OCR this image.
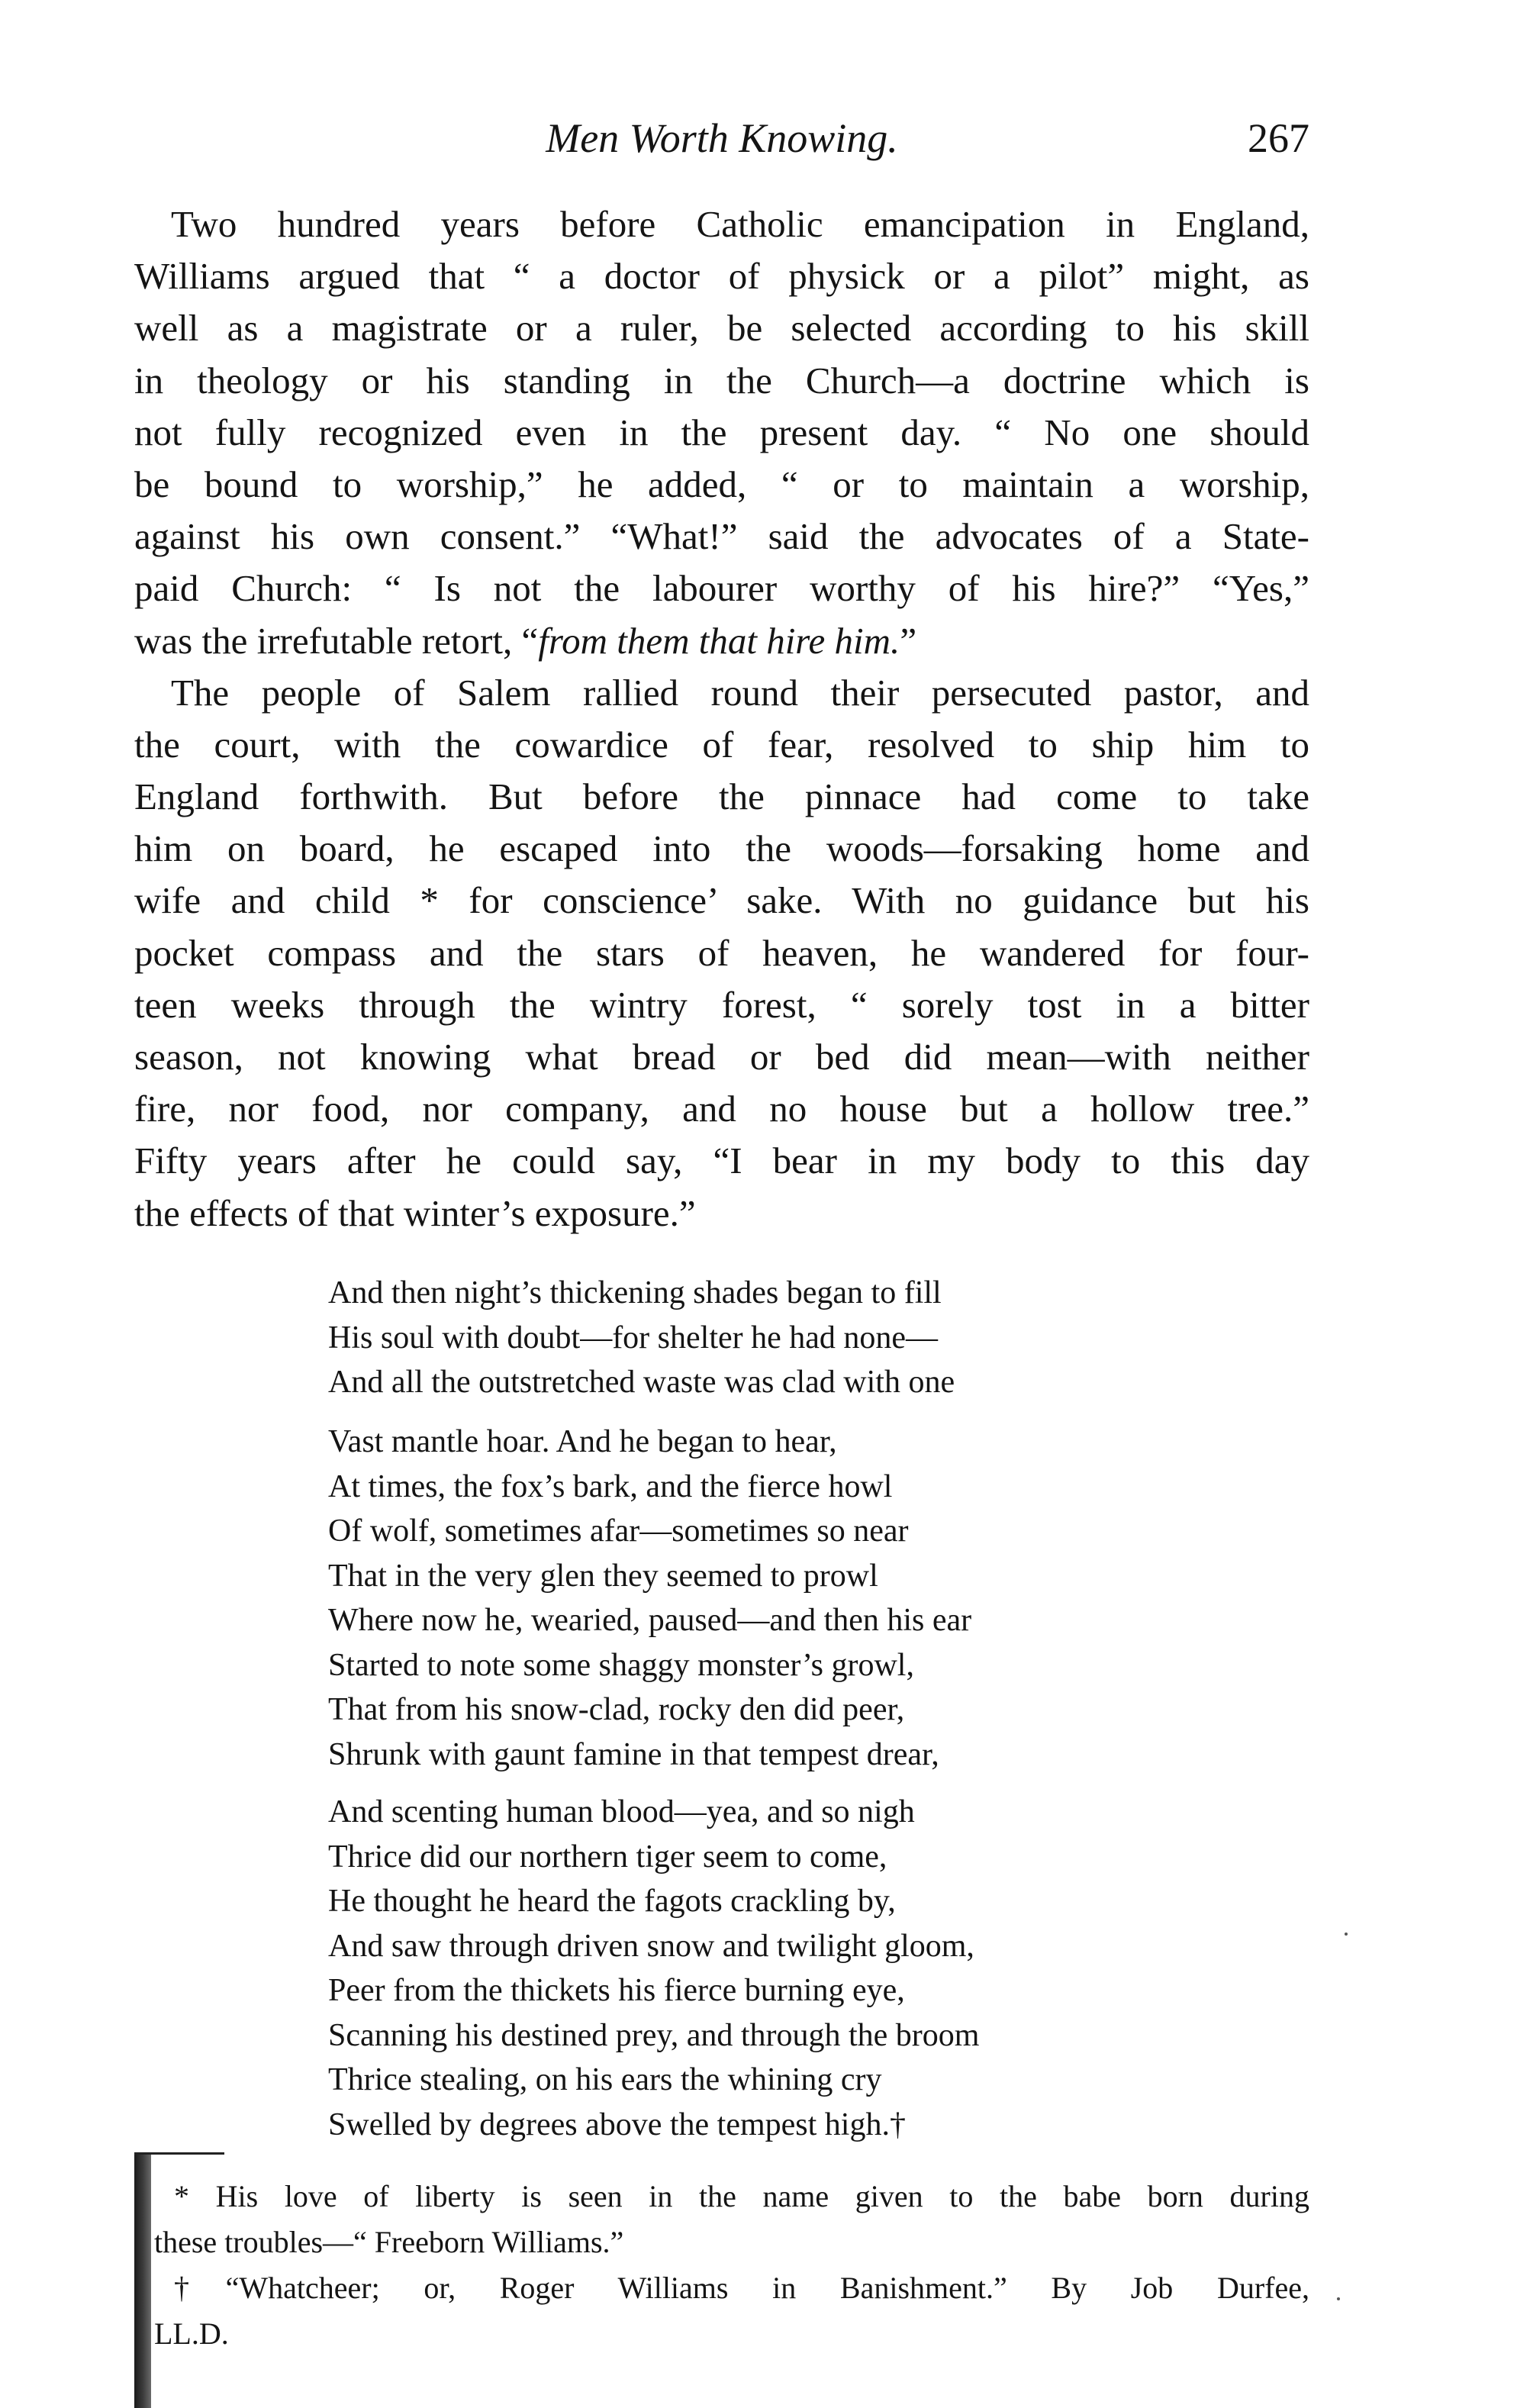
Men Worth Knowing.	267
Two hundred years before Catholic emancipation in England,
Williams argued that “ a doctor of physick or a pilot” might, as
well as a magistrate or a ruler, be selected according to his skill
in theology or his standing in the Church—a doctrine which is
not fully recognized even in the present day. “ No one should
be bound to worship,” he added, “ or to maintain a worship,
against his own consent.” “What!” said the advocates of a State-
paid Church: “ Is not the labourer worthy of his hire?” “Yes,”
was the irrefutable retort, “from them that hire him.”
The people of Salem rallied round their persecuted pastor, and
the court, with the cowardice of fear, resolved to ship him to
England forthwith. But before the pinnace had come to take
him on board, he escaped into the woods—forsaking home and
wife and child * for conscience’ sake. With no guidance but his
pocket compass and the stars of heaven, he wandered for four-
teen weeks through the wintry forest, “ sorely tost in a bitter
season, not knowing what bread or bed did mean—with neither
fire, nor food, nor company, and no house but a hollow tree.”
Fifty years after he could say, “I bear in my body to this day
the effects of that winter’s exposure.”
And then night’s thickening shades began to fill
His soul with doubt—for shelter he had none—
And all the outstretched waste was clad with one
Vast mantle hoar. And he began to hear,
At times, the fox’s bark, and the fierce howl
Of wolf, sometimes afar—sometimes so near
That in the very glen they seemed to prowl
Where now he, wearied, paused—and then his ear
Started to note some shaggy monster’s growl,
That from his snow-clad, rocky den did peer,
Shrunk with gaunt famine in that tempest drear,
And scenting human blood—yea, and so nigh
Thrice did our northern tiger seem to come,
He thought he heard the fagots crackling by,
And saw through driven snow and twilight gloom,
Peer from the thickets his fierce burning eye,
Scanning his destined prey, and through the broom
Thrice stealing, on his ears the whining cry
Swelled by degrees above the tempest high.†
* His love of liberty is seen in the name given to the babe born during
these troubles—“ Freeborn Williams.”
†“Whatcheer; or, Roger Williams in Banishment.” By Job Durfee,
LL.D.
